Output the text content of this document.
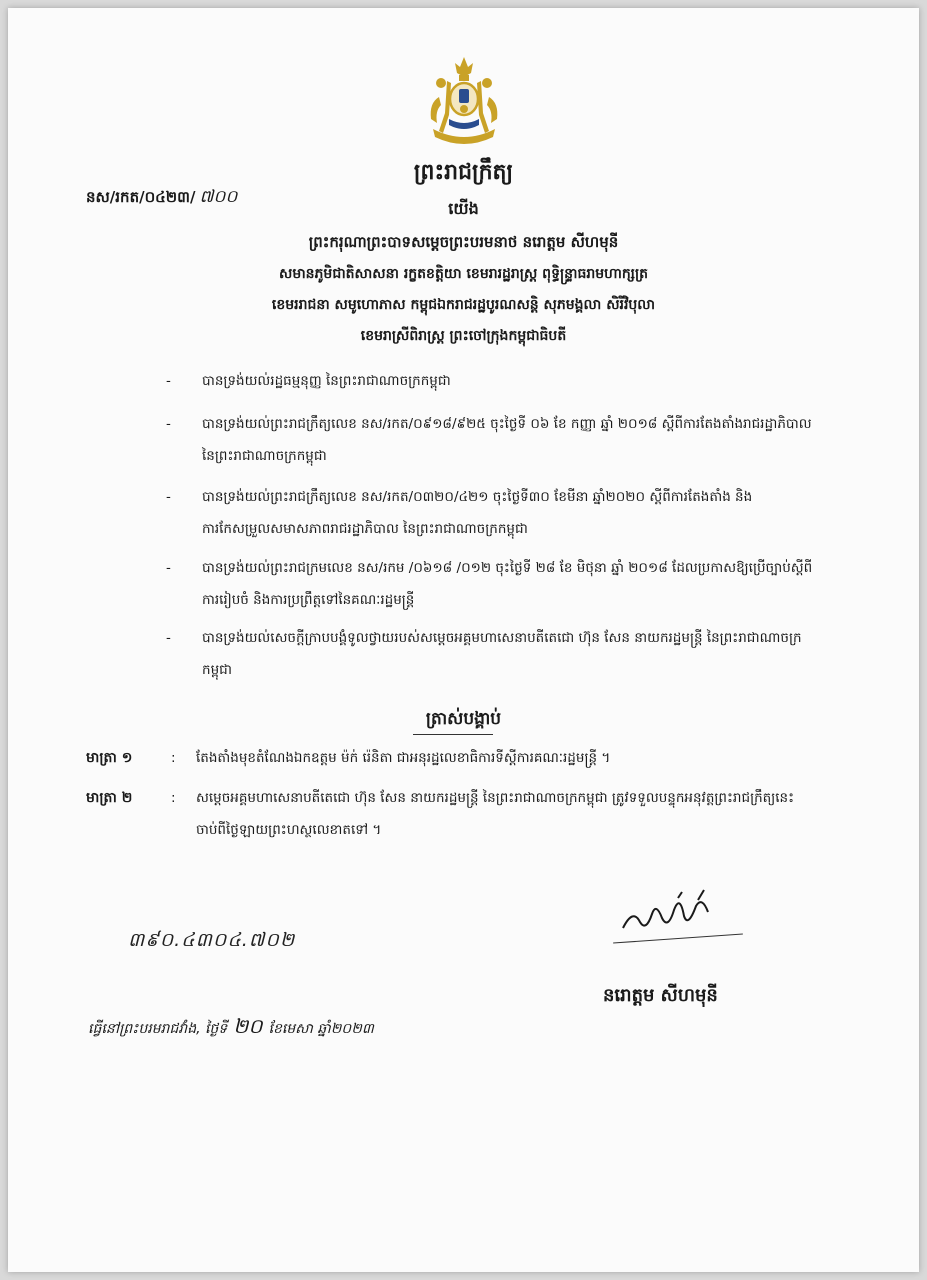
ព្រះរាជក្រឹត្យ
នស/រកត/០៤២៣/ ៧០០
យើង
ព្រះករុណាព្រះបាទសម្ដេចព្រះបរមនាថ នរោត្តម សីហមុនី
សមានភូមិជាតិសាសនា រក្ខតខត្តិយា ខេមរារដ្ឋរាស្ត្រ ពុទ្ធិន្ទ្រាធរាមហាក្សត្រ
ខេមររាជនា សមូហោភាស កម្ពុជឯករាជរដ្ឋបូរណសន្តិ សុភមង្គលា សិរីវិបុលា
ខេមរាស្រីពិរាស្ត្រ ព្រះចៅក្រុងកម្ពុជាធិបតី
-	បានទ្រង់យល់រដ្ឋធម្មនុញ្ញ នៃព្រះរាជាណាចក្រកម្ពុជា
-	បានទ្រង់យល់ព្រះរាជក្រឹត្យលេខ នស/រកត/០៩១៨/៩២៥ ចុះថ្ងៃទី ០៦ ខែ កញ្ញា ឆ្នាំ ២០១៨ ស្ដីពីការតែងតាំងរាជរដ្ឋាភិបាល នៃព្រះរាជាណាចក្រកម្ពុជា
-	បានទ្រង់យល់ព្រះរាជក្រឹត្យលេខ នស/រកត/០៣២០/៤២១ ចុះថ្ងៃទី៣០ ខែមីនា ឆ្នាំ២០២០ ស្ដីពីការតែងតាំង និងការកែសម្រួលសមាសភាពរាជរដ្ឋាភិបាល នៃព្រះរាជាណាចក្រកម្ពុជា
-	បានទ្រង់យល់ព្រះរាជក្រមលេខ នស/រកម /០៦១៨ /០១២ ចុះថ្ងៃទី ២៨ ខែ មិថុនា ឆ្នាំ ២០១៨ ដែលប្រកាសឱ្យប្រើច្បាប់ស្ដីពីការរៀបចំ និងការប្រព្រឹត្តទៅនៃគណៈរដ្ឋមន្ត្រី
-	បានទ្រង់យល់សេចក្ដីក្រាបបង្គំទូលថ្វាយរបស់សម្ដេចអគ្គមហាសេនាបតីតេជោ ហ៊ុន សែន នាយករដ្ឋមន្ត្រី នៃព្រះរាជាណាចក្រកម្ពុជា
ត្រាស់បង្គាប់
មាត្រា ១	:	តែងតាំងមុខតំណែងឯកឧត្តម ម៉ក់ រ៉េនិតា ជាអនុរដ្ឋលេខាធិការទីស្ដីការគណៈរដ្ឋមន្ត្រី ។
មាត្រា ២	:	សម្ដេចអគ្គមហាសេនាបតីតេជោ ហ៊ុន សែន នាយករដ្ឋមន្ត្រី នៃព្រះរាជាណាចក្រកម្ពុជា ត្រូវទទួលបន្ទុកអនុវត្តព្រះរាជក្រឹត្យនេះ ចាប់ពីថ្ងៃឡាយព្រះហស្ថលេខាតទៅ ។
៣៩០.៤៣០៤.៧០២
នរោត្តម សីហមុនី
ធ្វើនៅព្រះបរមរាជវាំង, ថ្ងៃទី ២០ ខែមេសា ឆ្នាំ២០២៣
